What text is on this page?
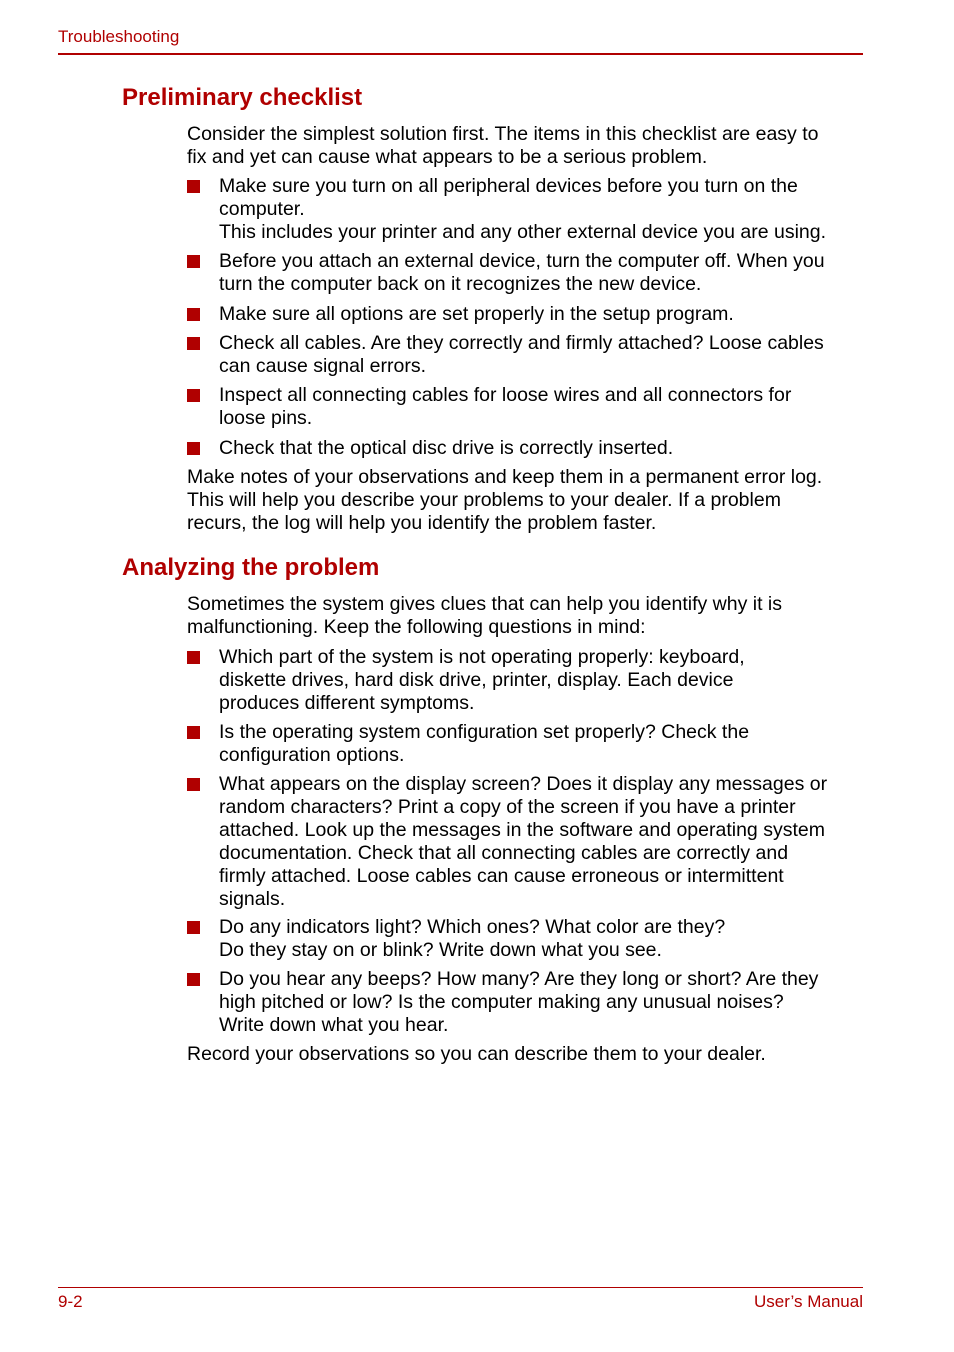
Troubleshooting
Preliminary checklist
Consider the simplest solution first. The items in this checklist are easy to
fix and yet can cause what appears to be a serious problem.
Make sure you turn on all peripheral devices before you turn on the
computer.
This includes your printer and any other external device you are using.
Before you attach an external device, turn the computer off. When you
turn the computer back on it recognizes the new device.
Make sure all options are set properly in the setup program.
Check all cables. Are they correctly and firmly attached? Loose cables
can cause signal errors.
Inspect all connecting cables for loose wires and all connectors for
loose pins.
Check that the optical disc drive is correctly inserted.
Make notes of your observations and keep them in a permanent error log.
This will help you describe your problems to your dealer. If a problem
recurs, the log will help you identify the problem faster.
Analyzing the problem
Sometimes the system gives clues that can help you identify why it is
malfunctioning. Keep the following questions in mind:
Which part of the system is not operating properly: keyboard,
diskette drives, hard disk drive, printer, display. Each device
produces different symptoms.
Is the operating system configuration set properly? Check the
configuration options.
What appears on the display screen? Does it display any messages or
random characters? Print a copy of the screen if you have a printer
attached. Look up the messages in the software and operating system
documentation. Check that all connecting cables are correctly and
firmly attached. Loose cables can cause erroneous or intermittent
signals.
Do any indicators light? Which ones? What color are they?
Do they stay on or blink? Write down what you see.
Do you hear any beeps? How many? Are they long or short? Are they
high pitched or low? Is the computer making any unusual noises?
Write down what you hear.
Record your observations so you can describe them to your dealer.
9-2	User’s Manual
